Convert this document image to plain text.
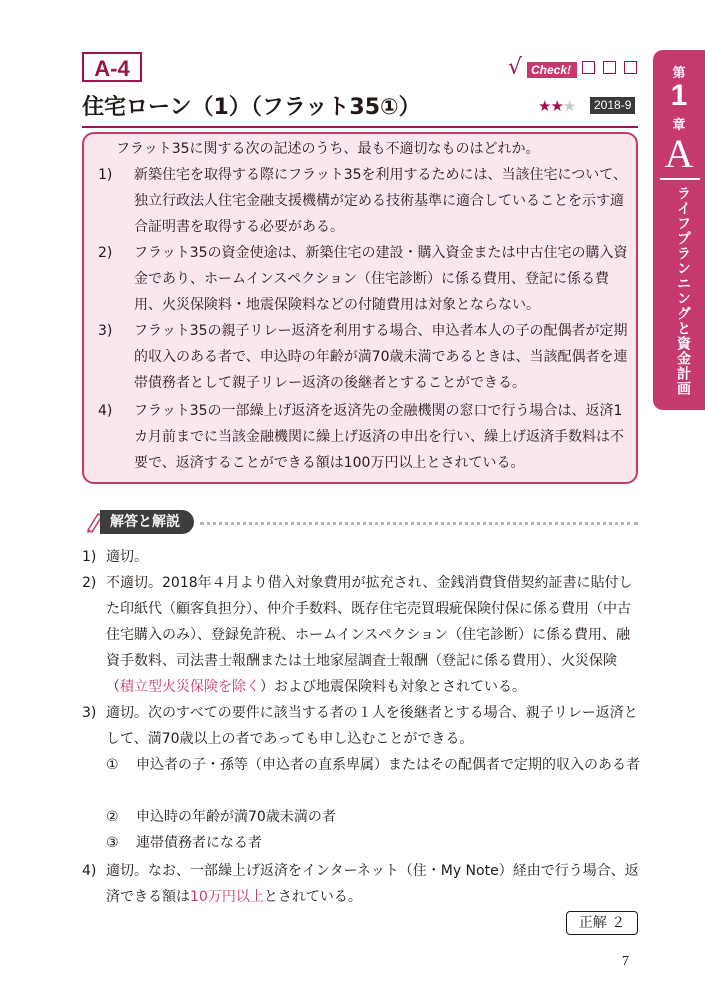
A-4	√ Check!
住宅ローン（1）（フラット35①）	★★★	2018-9
第
1
章
A
ライフプランニングと資金計画
フラット35に関する次の記述のうち、最も不適切なものはどれか。
1)	新築住宅を取得する際にフラット35を利用するためには、当該住宅について、独立行政法人住宅金融支援機構が定める技術基準に適合していることを示す適合証明書を取得する必要がある。
2)	フラット35の資金使途は、新築住宅の建設・購入資金または中古住宅の購入資金であり、ホームインスペクション（住宅診断）に係る費用、登記に係る費用、火災保険料・地震保険料などの付随費用は対象とならない。
3)	フラット35の親子リレー返済を利用する場合、申込者本人の子の配偶者が定期的収入のある者で、申込時の年齢が満70歳未満であるときは、当該配偶者を連帯債務者として親子リレー返済の後継者とすることができる。
4)	フラット35の一部繰上げ返済を返済先の金融機関の窓口で行う場合は、返済1カ月前までに当該金融機関に繰上げ返済の申出を行い、繰上げ返済手数料は不要で、返済することができる額は100万円以上とされている。
解答と解説
1) 適切。
2) 不適切。2018年４月より借入対象費用が拡充され、金銭消費貸借契約証書に貼付した印紙代（顧客負担分）、仲介手数料、既存住宅売買瑕疵保険付保に係る費用（中古住宅購入のみ）、登録免許税、ホームインスペクション（住宅診断）に係る費用、融資手数料、司法書士報酬または土地家屋調査士報酬（登記に係る費用）、火災保険（積立型火災保険を除く）および地震保険料も対象とされている。
3) 適切。次のすべての要件に該当する者の１人を後継者とする場合、親子リレー返済として、満70歳以上の者であっても申し込むことができる。
①	申込者の子・孫等（申込者の直系卑属）またはその配偶者で定期的収入のある者
②	申込時の年齢が満70歳未満の者
③	連帯債務者になる者
4) 適切。なお、一部繰上げ返済をインターネット（住・My Note）経由で行う場合、返済できる額は10万円以上とされている。
正解 ２
7
